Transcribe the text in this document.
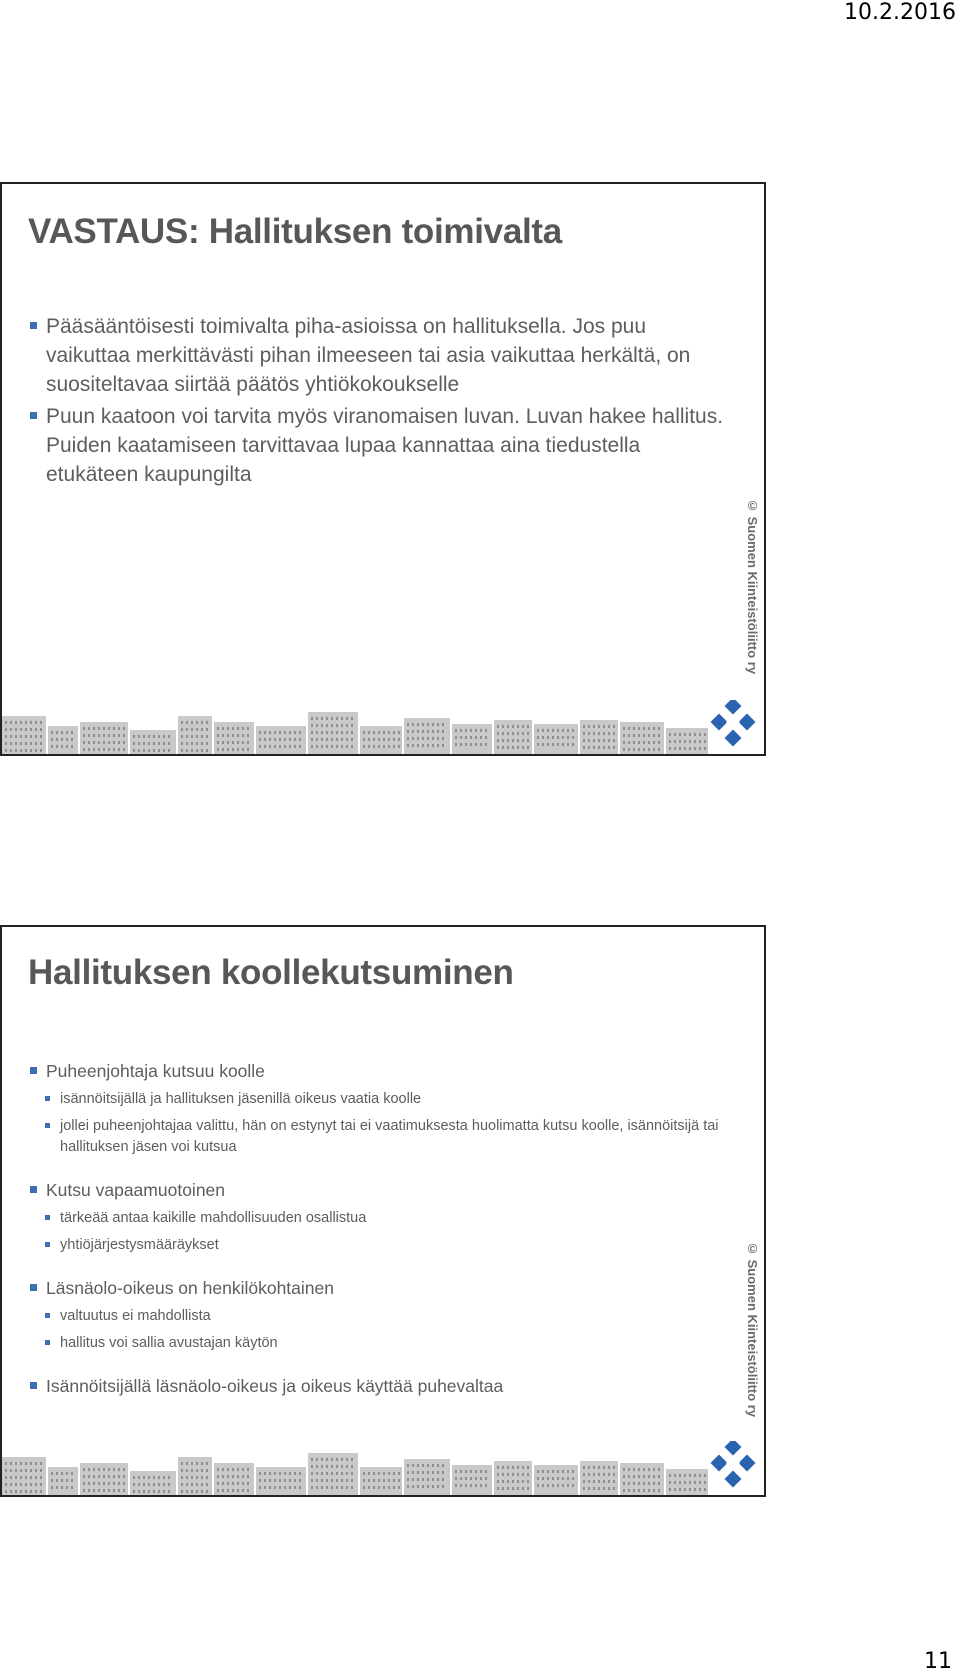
10.2.2016
VASTAUS: Hallituksen toimivalta
Pääsääntöisesti toimivalta piha-asioissa on hallituksella. Jos puu vaikuttaa merkittävästi pihan ilmeeseen tai asia vaikuttaa herkältä, on suositeltavaa siirtää päätös yhtiökokoukselle
Puun kaatoon voi tarvita myös viranomaisen luvan. Luvan hakee hallitus. Puiden kaatamiseen tarvittavaa lupaa kannattaa aina tiedustella etukäteen kaupungilta
© Suomen Kiinteistöliitto ry
Hallituksen koollekutsuminen
Puheenjohtaja kutsuu koolle
isännöitsijällä ja hallituksen jäsenillä oikeus vaatia koolle
jollei puheenjohtajaa valittu, hän on estynyt tai ei vaatimuksesta huolimatta kutsu koolle, isännöitsijä tai hallituksen jäsen voi kutsua
Kutsu vapaamuotoinen
tärkeää antaa kaikille mahdollisuuden osallistua
yhtiöjärjestysmääräykset
Läsnäolo-oikeus on henkilökohtainen
valtuutus ei mahdollista
hallitus voi sallia avustajan käytön
Isännöitsijällä läsnäolo-oikeus ja oikeus käyttää puhevaltaa	© Suomen Kiinteistöliitto ry
11
